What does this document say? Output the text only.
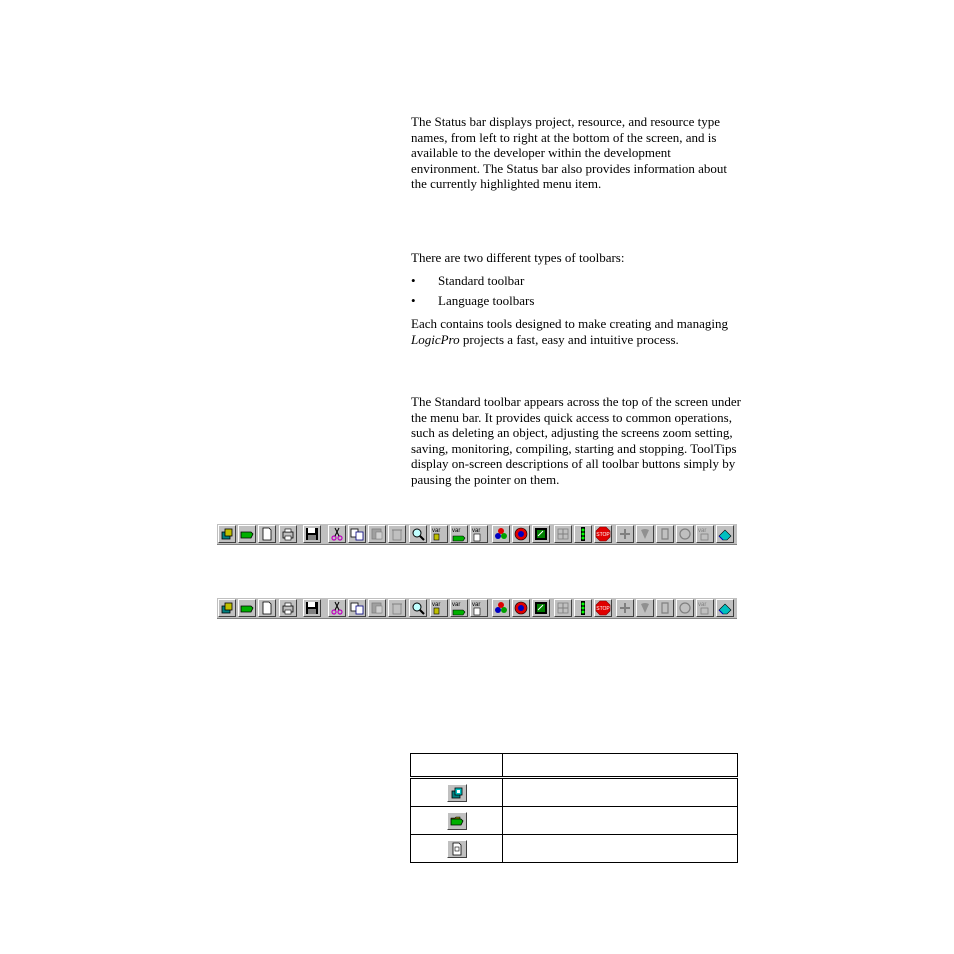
The Status bar displays project, resource, and resource type names, from left to right at the bottom of the screen, and is available to the developer within the development environment. The Status bar also provides information about the currently highlighted menu item.

There are two different types of toolbars:

• Standard toolbar
• Language toolbars

Each contains tools designed to make creating and managing LogicPro projects a fast, easy and intuitive process.

The Standard toolbar appears across the top of the screen under the menu bar. It provides quick access to common operations, such as deleting an object, adjusting the screens zoom setting, saving, monitoring, compiling, starting and stopping. ToolTips display on-screen descriptions of all toolbar buttons simply by pausing the pointer on them.

var var var
STOP
var
var var var
STOP
var
